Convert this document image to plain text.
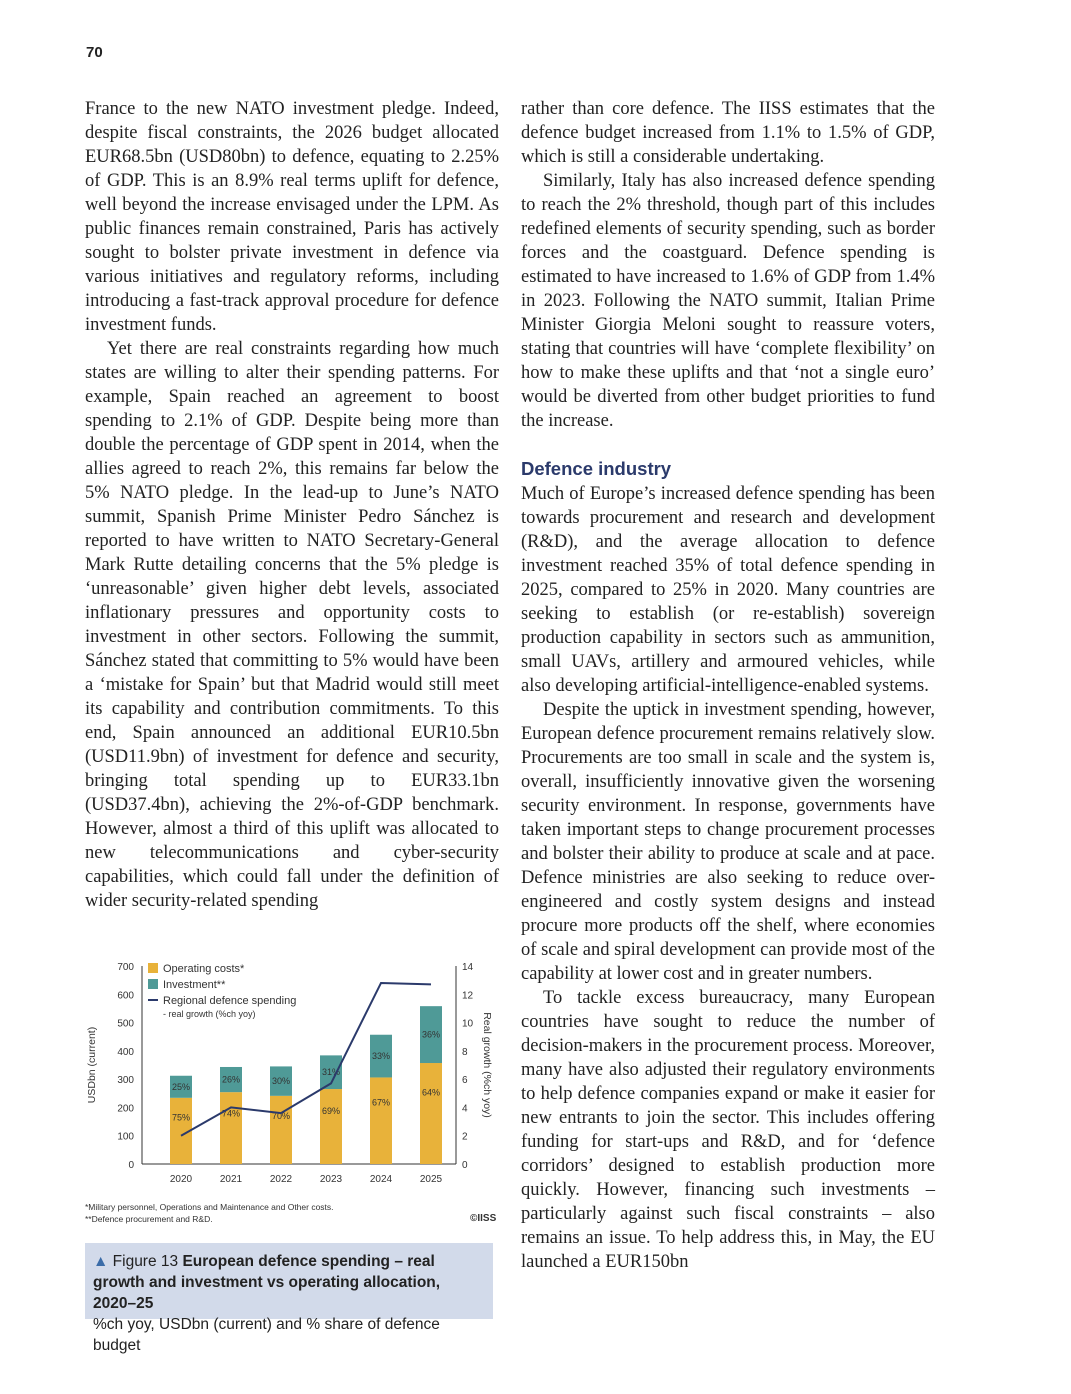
70

France to the new NATO investment pledge. Indeed, despite fiscal constraints, the 2026 budget allocated EUR68.5bn (USD80bn) to defence, equating to 2.25% of GDP. This is an 8.9% real terms uplift for defence, well beyond the increase envisaged under the LPM. As public finances remain constrained, Paris has actively sought to bolster private investment in defence via various initiatives and regulatory reforms, including introducing a fast-track approval procedure for defence investment funds.

Yet there are real constraints regarding how much states are willing to alter their spending patterns. For example, Spain reached an agreement to boost spending to 2.1% of GDP. Despite being more than double the percentage of GDP spent in 2014, when the allies agreed to reach 2%, this remains far below the 5% NATO pledge. In the lead-up to June’s NATO summit, Spanish Prime Minister Pedro Sánchez is reported to have written to NATO Secretary-General Mark Rutte detailing concerns that the 5% pledge is ‘unreasonable’ given higher debt levels, associated inflationary pressures and opportunity costs to investment in other sectors. Following the summit, Sánchez stated that committing to 5% would have been a ‘mistake for Spain’ but that Madrid would still meet its capability and contribution commitments. To this end, Spain announced an additional EUR10.5bn (USD11.9bn) of investment for defence and security, bringing total spending up to EUR33.1bn (USD37.4bn), achieving the 2%-of-GDP benchmark. However, almost a third of this uplift was allocated to new telecommunications and cyber-security capabilities, which could fall under the definition of wider security-related spending

rather than core defence. The IISS estimates that the defence budget increased from 1.1% to 1.5% of GDP, which is still a considerable undertaking.

Similarly, Italy has also increased defence spending to reach the 2% threshold, though part of this includes redefined elements of security spending, such as border forces and the coastguard. Defence spending is estimated to have increased to 1.6% of GDP from 1.4% in 2023. Following the NATO summit, Italian Prime Minister Giorgia Meloni sought to reassure voters, stating that countries will have ‘complete flexibility’ on how to make these uplifts and that ‘not a single euro’ would be diverted from other budget priorities to fund the increase.

Defence industry

Much of Europe’s increased defence spending has been towards procurement and research and development (R&D), and the average allocation to defence investment reached 35% of total defence spending in 2025, compared to 25% in 2020. Many countries are seeking to establish (or re-establish) sovereign production capability in sectors such as ammunition, small UAVs, artillery and armoured vehicles, while also developing artificial-intelligence-enabled systems.

Despite the uptick in investment spending, however, European defence procurement remains relatively slow. Procurements are too small in scale and the system is, overall, insufficiently innovative given the worsening security environment. In response, governments have taken important steps to change procurement processes and bolster their ability to produce at scale and at pace. Defence ministries are also seeking to reduce over-engineered and costly system designs and instead procure more products off the shelf, where economies of scale and spiral development can provide most of the capability at lower cost and in greater numbers.

To tackle excess bureaucracy, many European countries have sought to reduce the number of decision-makers in the procurement process. Moreover, many have also adjusted their regulatory environments to help defence companies expand or make it easier for new entrants to join the sector. This includes offering funding for start-ups and R&D, and for ‘defence corridors’ designed to establish production more quickly. However, financing such investments – particularly against such fiscal constraints – also remains an issue. To help address this, in May, the EU launched a EUR150bn

0
100
200
300
400
500
600
700
0
2
4
6
8
10
12
14
USDbn (current)	Real growth (%ch yoy)
75%
25%
2020
74%
26%
2021
70%
30%
2022
69%
31%
2023
67%
33%
2024
64%
36%
2025
Operating costs*
Investment**
Regional defence spending
- real growth (%ch yoy)
*Military personnel, Operations and Maintenance and Other costs.
**Defence procurement and R&D.	©IISS
▲ Figure 13 European defence spending – real growth and investment vs operating allocation, 2020–25
%ch yoy, USDbn (current) and % share of defence budget
